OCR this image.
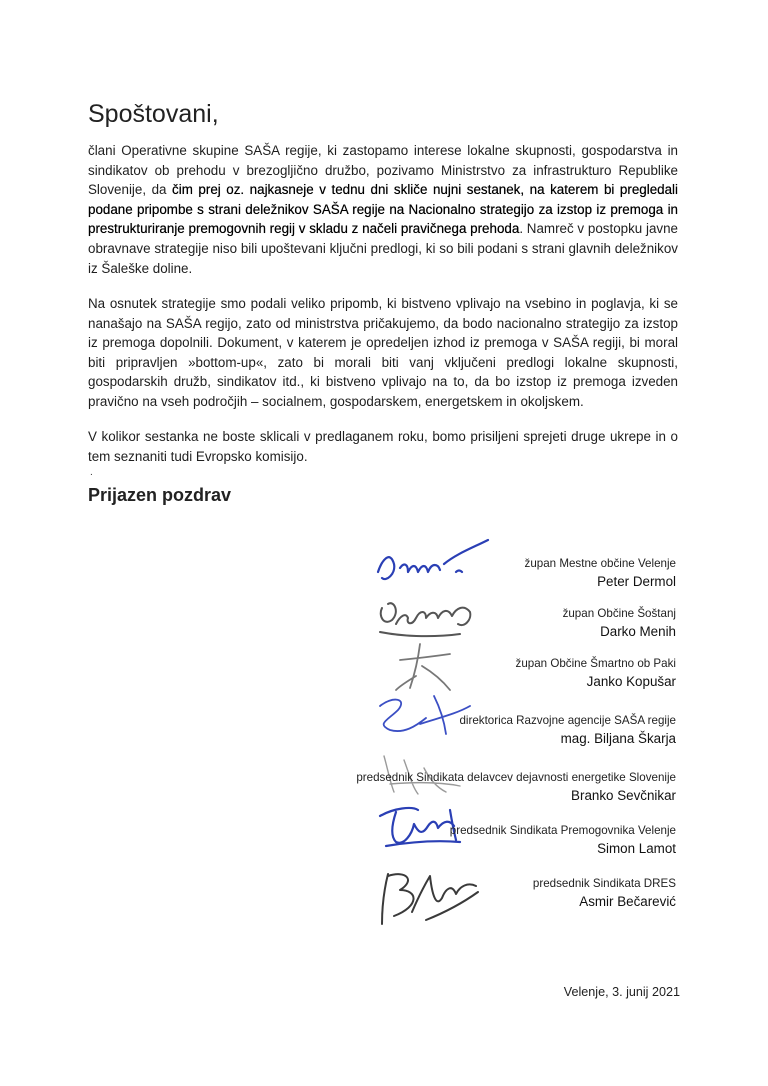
Spoštovani,

člani Operativne skupine SAŠA regije, ki zastopamo interese lokalne skupnosti, gospodarstva in sindikatov ob prehodu v brezogljično družbo, pozivamo Ministrstvo za infrastrukturo Republike Slovenije, da čim prej oz. najkasneje v tednu dni skliče nujni sestanek, na katerem bi pregledali podane pripombe s strani deležnikov SAŠA regije na Nacionalno strategijo za izstop iz premoga in prestrukturiranje premogovnih regij v skladu z načeli pravičnega prehoda. Namreč v postopku javne obravnave strategije niso bili upoštevani ključni predlogi, ki so bili podani s strani glavnih deležnikov iz Šaleške doline.

Na osnutek strategije smo podali veliko pripomb, ki bistveno vplivajo na vsebino in poglavja, ki se nanašajo na SAŠA regijo, zato od ministrstva pričakujemo, da bodo nacionalno strategijo za izstop iz premoga dopolnili. Dokument, v katerem je opredeljen izhod iz premoga v SAŠA regiji, bi moral biti pripravljen »bottom-up«, zato bi morali biti vanj vključeni predlogi lokalne skupnosti, gospodarskih družb, sindikatov itd., ki bistveno vplivajo na to, da bo izstop iz premoga izveden pravično na vseh področjih – socialnem, gospodarskem, energetskem in okoljskem.

V kolikor sestanka ne boste sklicali v predlaganem roku, bomo prisiljeni sprejeti druge ukrepe in o tem seznaniti tudi Evropsko komisijo.

.
Prijazen pozdrav
župan Mestne občine Velenje
Peter Dermol
župan Občine Šoštanj
Darko Menih
župan Občine Šmartno ob Paki
Janko Kopušar
direktorica Razvojne agencije SAŠA regije
mag. Biljana Škarja
predsednik Sindikata delavcev dejavnosti energetike Slovenije
Branko Sevčnikar
predsednik Sindikata Premogovnika Velenje
Simon Lamot
predsednik Sindikata DRES
Asmir Bečarević
Velenje, 3. junij 2021
